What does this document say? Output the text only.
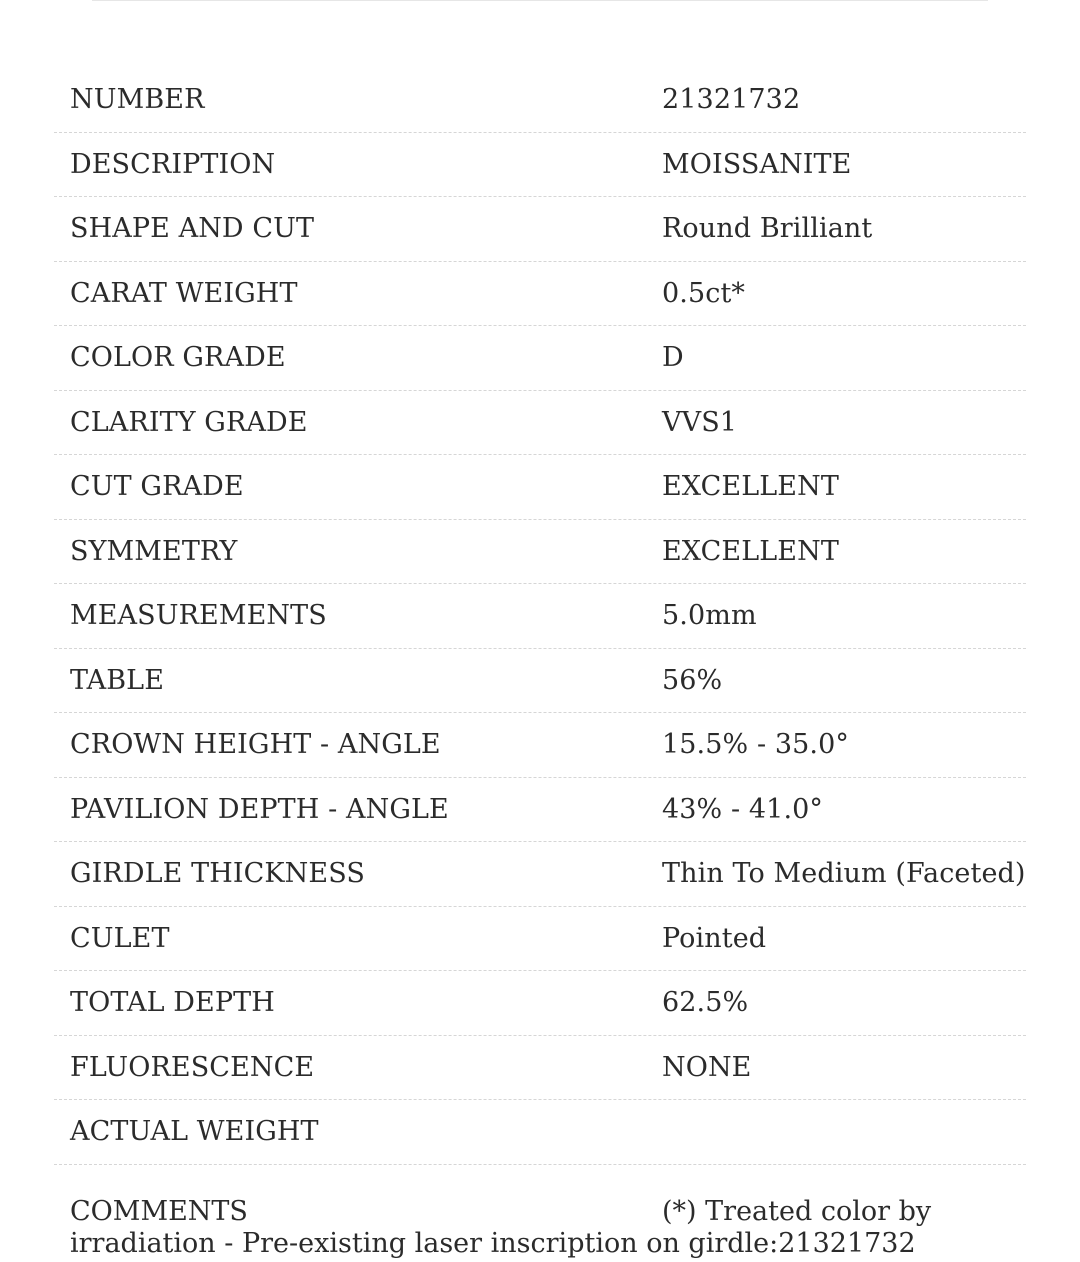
NUMBER	21321732
DESCRIPTION	MOISSANITE
SHAPE AND CUT	Round Brilliant
CARAT WEIGHT	0.5ct*
COLOR GRADE	D
CLARITY GRADE	VVS1
CUT GRADE	EXCELLENT
SYMMETRY	EXCELLENT
MEASUREMENTS	5.0mm
TABLE	56%
CROWN HEIGHT - ANGLE	15.5% - 35.0°
PAVILION DEPTH - ANGLE	43% - 41.0°
GIRDLE THICKNESS	Thin To Medium (Faceted)
CULET	Pointed
TOTAL DEPTH	62.5%
FLUORESCENCE	NONE
ACTUAL WEIGHT
COMMENTS	(*) Treated color by
irradiation - Pre-existing laser inscription on girdle:21321732
